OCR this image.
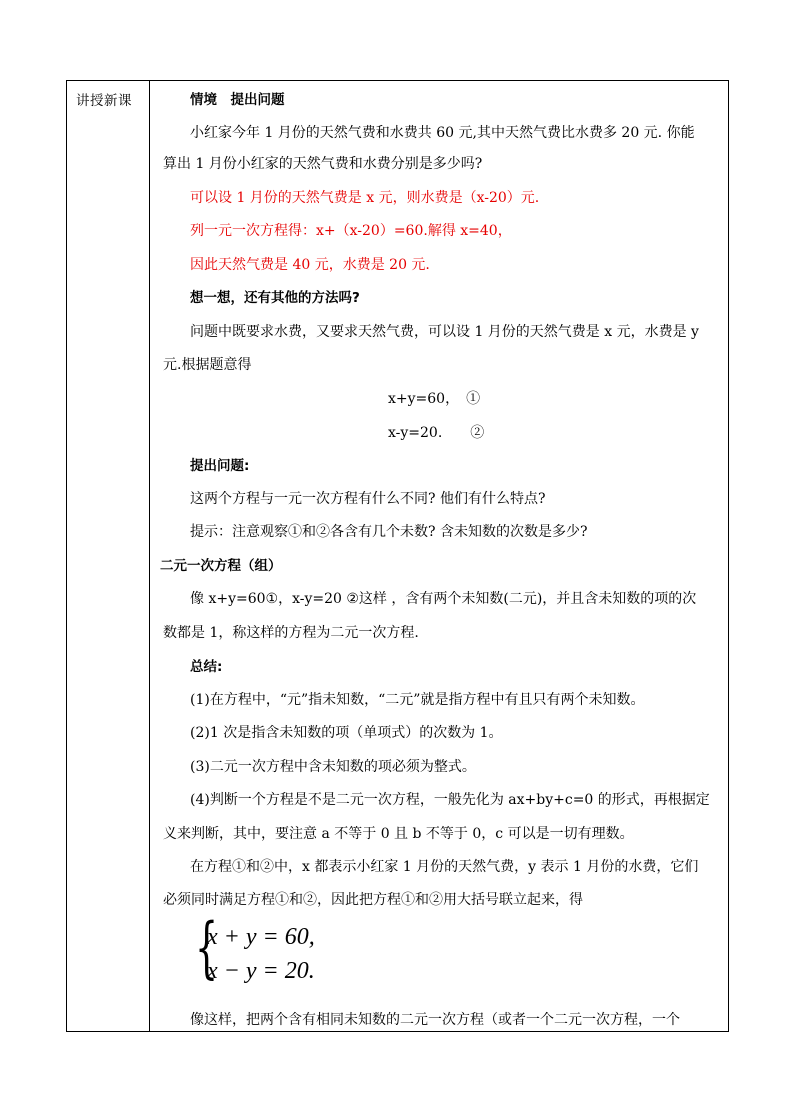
讲授新课	情境　提出问题
小红家今年 1 月份的天然气费和水费共 60 元,其中天然气费比水费多 20 元. 你能
算出 1 月份小红家的天然气费和水费分别是多少吗?
可以设 1 月份的天然气费是 x 元，则水费是（x-20）元.
列一元一次方程得：x+（x-20）=60.解得 x=40，
因此天然气费是 40 元，水费是 20 元.
想一想，还有其他的方法吗?
问题中既要求水费，又要求天然气费，可以设 1 月份的天然气费是 x 元，水费是 y
元.根据题意得
x+y=60，　①
x-y=20.　　②
提出问题:
这两个方程与一元一次方程有什么不同? 他们有什么特点?
提示：注意观察①和②各含有几个未数? 含未知数的次数是多少?
二元一次方程（组）
像 x+y=60①，x-y=20 ②这样 ，含有两个未知数(二元)，并且含未知数的项的次
数都是 1，称这样的方程为二元一次方程.
总结:
(1)在方程中，“元”指未知数，“二元”就是指方程中有且只有两个未知数。
(2)1 次是指含未知数的项（单项式）的次数为 1。
(3)二元一次方程中含未知数的项必须为整式。
(4)判断一个方程是不是二元一次方程，一般先化为 ax+by+c=0 的形式，再根据定
义来判断，其中，要注意 a 不等于 0 且 b 不等于 0，c 可以是一切有理数。
在方程①和②中，x 都表示小红家 1 月份的天然气费，y 表示 1 月份的水费，它们
必须同时满足方程①和②，因此把方程①和②用大括号联立起来，得
{
x + y = 60,
x − y = 20.
像这样，把两个含有相同未知数的二元一次方程（或者一个二元一次方程，一个
